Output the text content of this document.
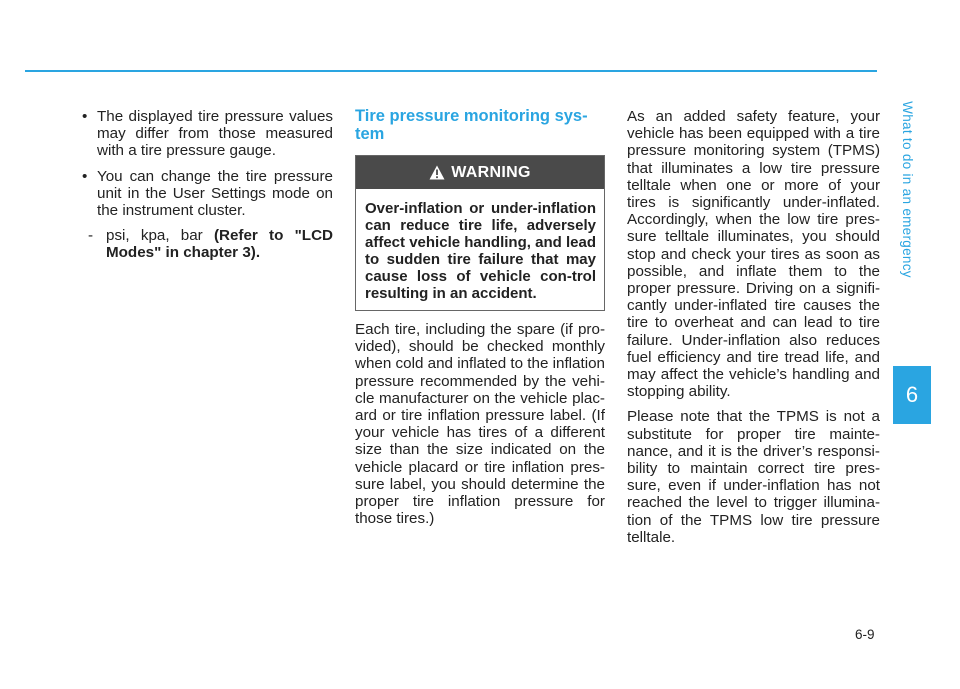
What to do in an emergency
6
• The displayed tire pressure values may differ from those measured with a tire pressure gauge.
• You can change the tire pressure unit in the User Settings mode on the instrument cluster.
- psi, kpa, bar (Refer to "LCD Modes" in chapter 3).
Tire pressure monitoring sys-tem
WARNING
Over-inflation or under-inflation can reduce tire life, adversely affect vehicle handling, and lead to sudden tire failure that may cause loss of vehicle con-trol resulting in an accident.

Each tire, including the spare (if pro-vided), should be checked monthly when cold and inflated to the inflation pressure recommended by the vehi-cle manufacturer on the vehicle plac-ard or tire inflation pressure label. (If your vehicle has tires of a different size than the size indicated on the vehicle placard or tire inflation pres-sure label, you should determine the proper tire inflation pressure for those tires.)

As an added safety feature, your vehicle has been equipped with a tire pressure monitoring system (TPMS) that illuminates a low tire pressure telltale when one or more of your tires is significantly under-inflated. Accordingly, when the low tire pres-sure telltale illuminates, you should stop and check your tires as soon as possible, and inflate them to the proper pressure. Driving on a signifi-cantly under-inflated tire causes the tire to overheat and can lead to tire failure. Under-inflation also reduces fuel efficiency and tire tread life, and may affect the vehicle’s handling and stopping ability.

Please note that the TPMS is not a substitute for proper tire mainte-nance, and it is the driver’s responsi-bility to maintain correct tire pres-sure, even if under-inflation has not reached the level to trigger illumina-tion of the TPMS low tire pressure telltale.

6-9
